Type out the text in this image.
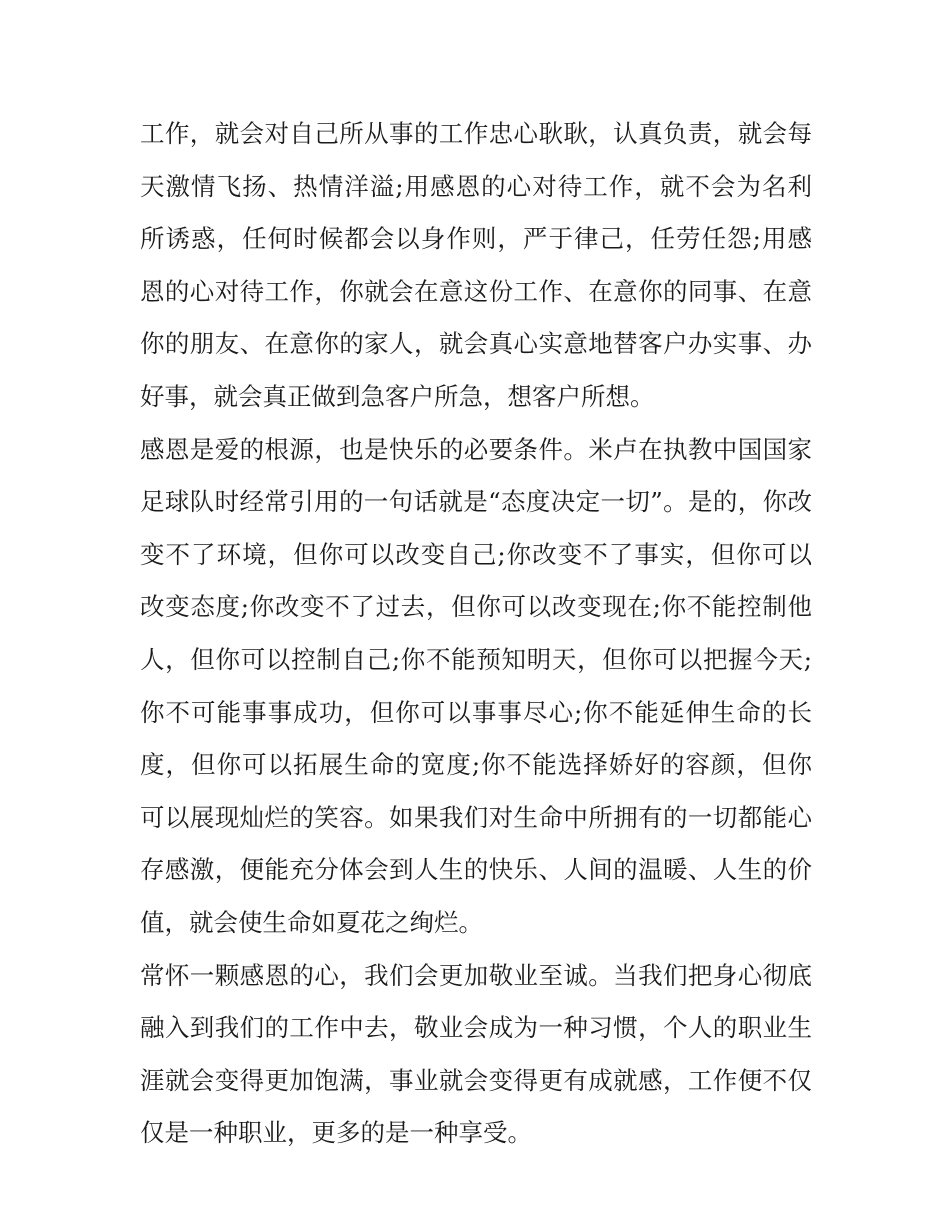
工作，就会对自己所从事的工作忠心耿耿，认真负责，就会每
天激情飞扬、热情洋溢;用感恩的心对待工作，就不会为名利
所诱惑，任何时候都会以身作则，严于律己，任劳任怨;用感
恩的心对待工作，你就会在意这份工作、在意你的同事、在意
你的朋友、在意你的家人，就会真心实意地替客户办实事、办
好事，就会真正做到急客户所急，想客户所想。
感恩是爱的根源，也是快乐的必要条件。米卢在执教中国国家
足球队时经常引用的一句话就是“态度决定一切”。是的，你改
变不了环境，但你可以改变自己;你改变不了事实，但你可以
改变态度;你改变不了过去，但你可以改变现在;你不能控制他
人，但你可以控制自己;你不能预知明天，但你可以把握今天;
你不可能事事成功，但你可以事事尽心;你不能延伸生命的长
度，但你可以拓展生命的宽度;你不能选择娇好的容颜，但你
可以展现灿烂的笑容。如果我们对生命中所拥有的一切都能心
存感激，便能充分体会到人生的快乐、人间的温暖、人生的价
值，就会使生命如夏花之绚烂。
常怀一颗感恩的心，我们会更加敬业至诚。当我们把身心彻底
融入到我们的工作中去，敬业会成为一种习惯，个人的职业生
涯就会变得更加饱满，事业就会变得更有成就感，工作便不仅
仅是一种职业，更多的是一种享受。
